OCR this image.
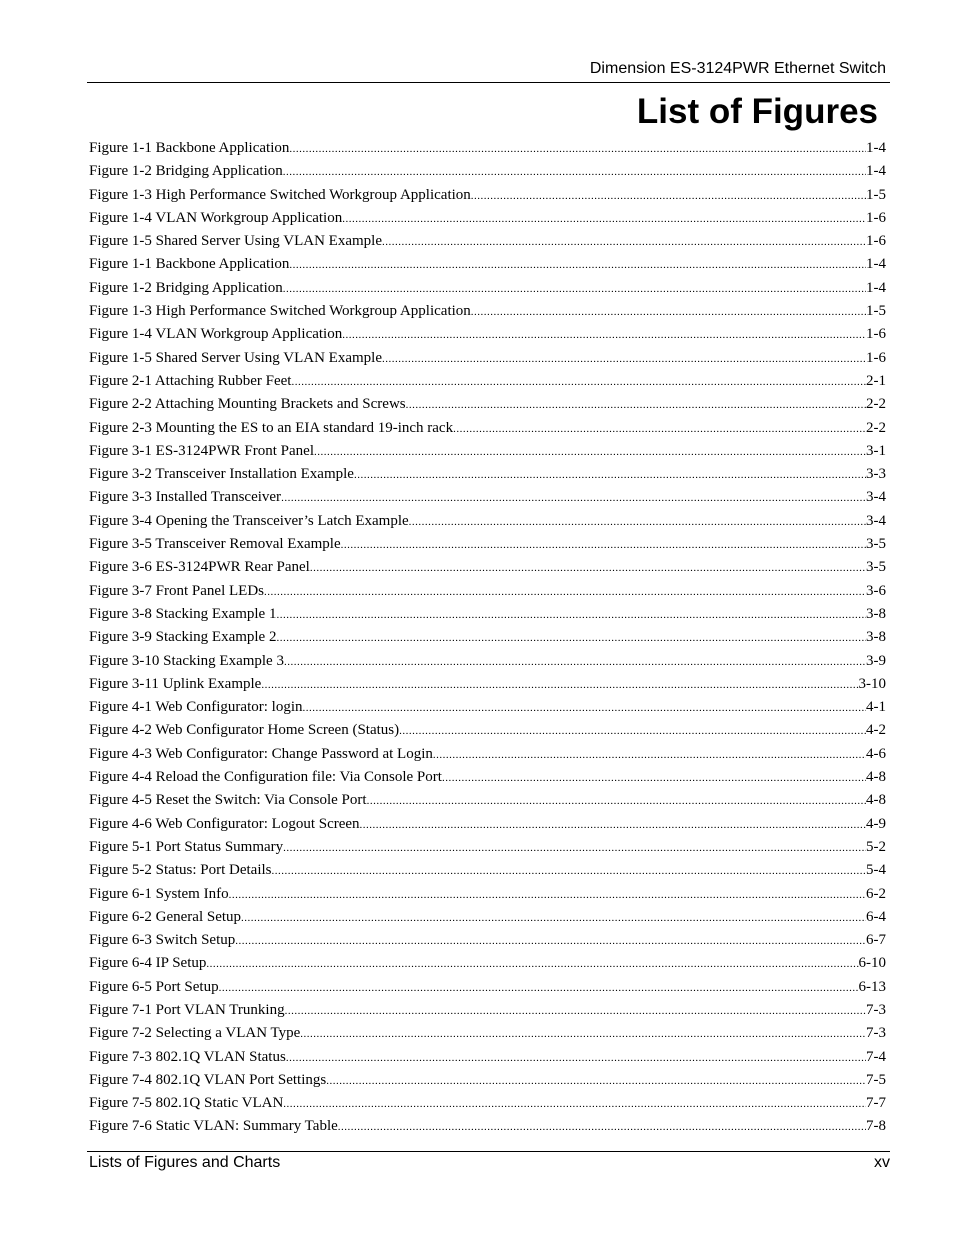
Dimension ES-3124PWR Ethernet Switch
List of Figures
Figure 1-1 Backbone Application .....	1-4
Figure 1-2 Bridging Application .....	1-4
Figure 1-3 High Performance Switched Workgroup Application .....	1-5
Figure 1-4 VLAN Workgroup Application .....	1-6
Figure 1-5 Shared Server Using VLAN Example .....	1-6
Figure 1-1 Backbone Application .....	1-4
Figure 1-2 Bridging Application .....	1-4
Figure 1-3 High Performance Switched Workgroup Application .....	1-5
Figure 1-4 VLAN Workgroup Application .....	1-6
Figure 1-5 Shared Server Using VLAN Example .....	1-6
Figure 2-1 Attaching Rubber Feet .....	2-1
Figure 2-2 Attaching Mounting Brackets and Screws .....	2-2
Figure 2-3 Mounting the ES to an EIA standard 19-inch rack .....	2-2
Figure 3-1 ES-3124PWR Front Panel .....	3-1
Figure 3-2 Transceiver Installation Example .....	3-3
Figure 3-3 Installed Transceiver .....	3-4
Figure 3-4 Opening the Transceiver’s Latch Example .....	3-4
Figure 3-5 Transceiver Removal Example .....	3-5
Figure 3-6 ES-3124PWR Rear Panel .....	3-5
Figure 3-7 Front Panel LEDs .....	3-6
Figure 3-8 Stacking Example 1 .....	3-8
Figure 3-9 Stacking Example 2 .....	3-8
Figure 3-10 Stacking Example 3 .....	3-9
Figure 3-11 Uplink Example .....	3-10
Figure 4-1 Web Configurator: login .....	4-1
Figure 4-2 Web Configurator Home Screen (Status) .....	4-2
Figure 4-3 Web Configurator: Change Password at Login .....	4-6
Figure 4-4 Reload the Configuration file: Via Console Port .....	4-8
Figure 4-5 Reset the Switch: Via Console Port .....	4-8
Figure 4-6 Web Configurator: Logout Screen .....	4-9
Figure 5-1 Port Status Summary .....	5-2
Figure 5-2 Status: Port Details .....	5-4
Figure 6-1 System Info .....	6-2
Figure 6-2 General Setup .....	6-4
Figure 6-3 Switch Setup .....	6-7
Figure 6-4 IP Setup .....	6-10
Figure 6-5 Port Setup .....	6-13
Figure 7-1 Port VLAN Trunking .....	7-3
Figure 7-2 Selecting a VLAN Type .....	7-3
Figure 7-3 802.1Q VLAN Status .....	7-4
Figure 7-4 802.1Q VLAN Port Settings .....	7-5
Figure 7-5 802.1Q Static VLAN .....	7-7
Figure 7-6 Static VLAN: Summary Table .....	7-8
Lists of Figures and Charts	xv
